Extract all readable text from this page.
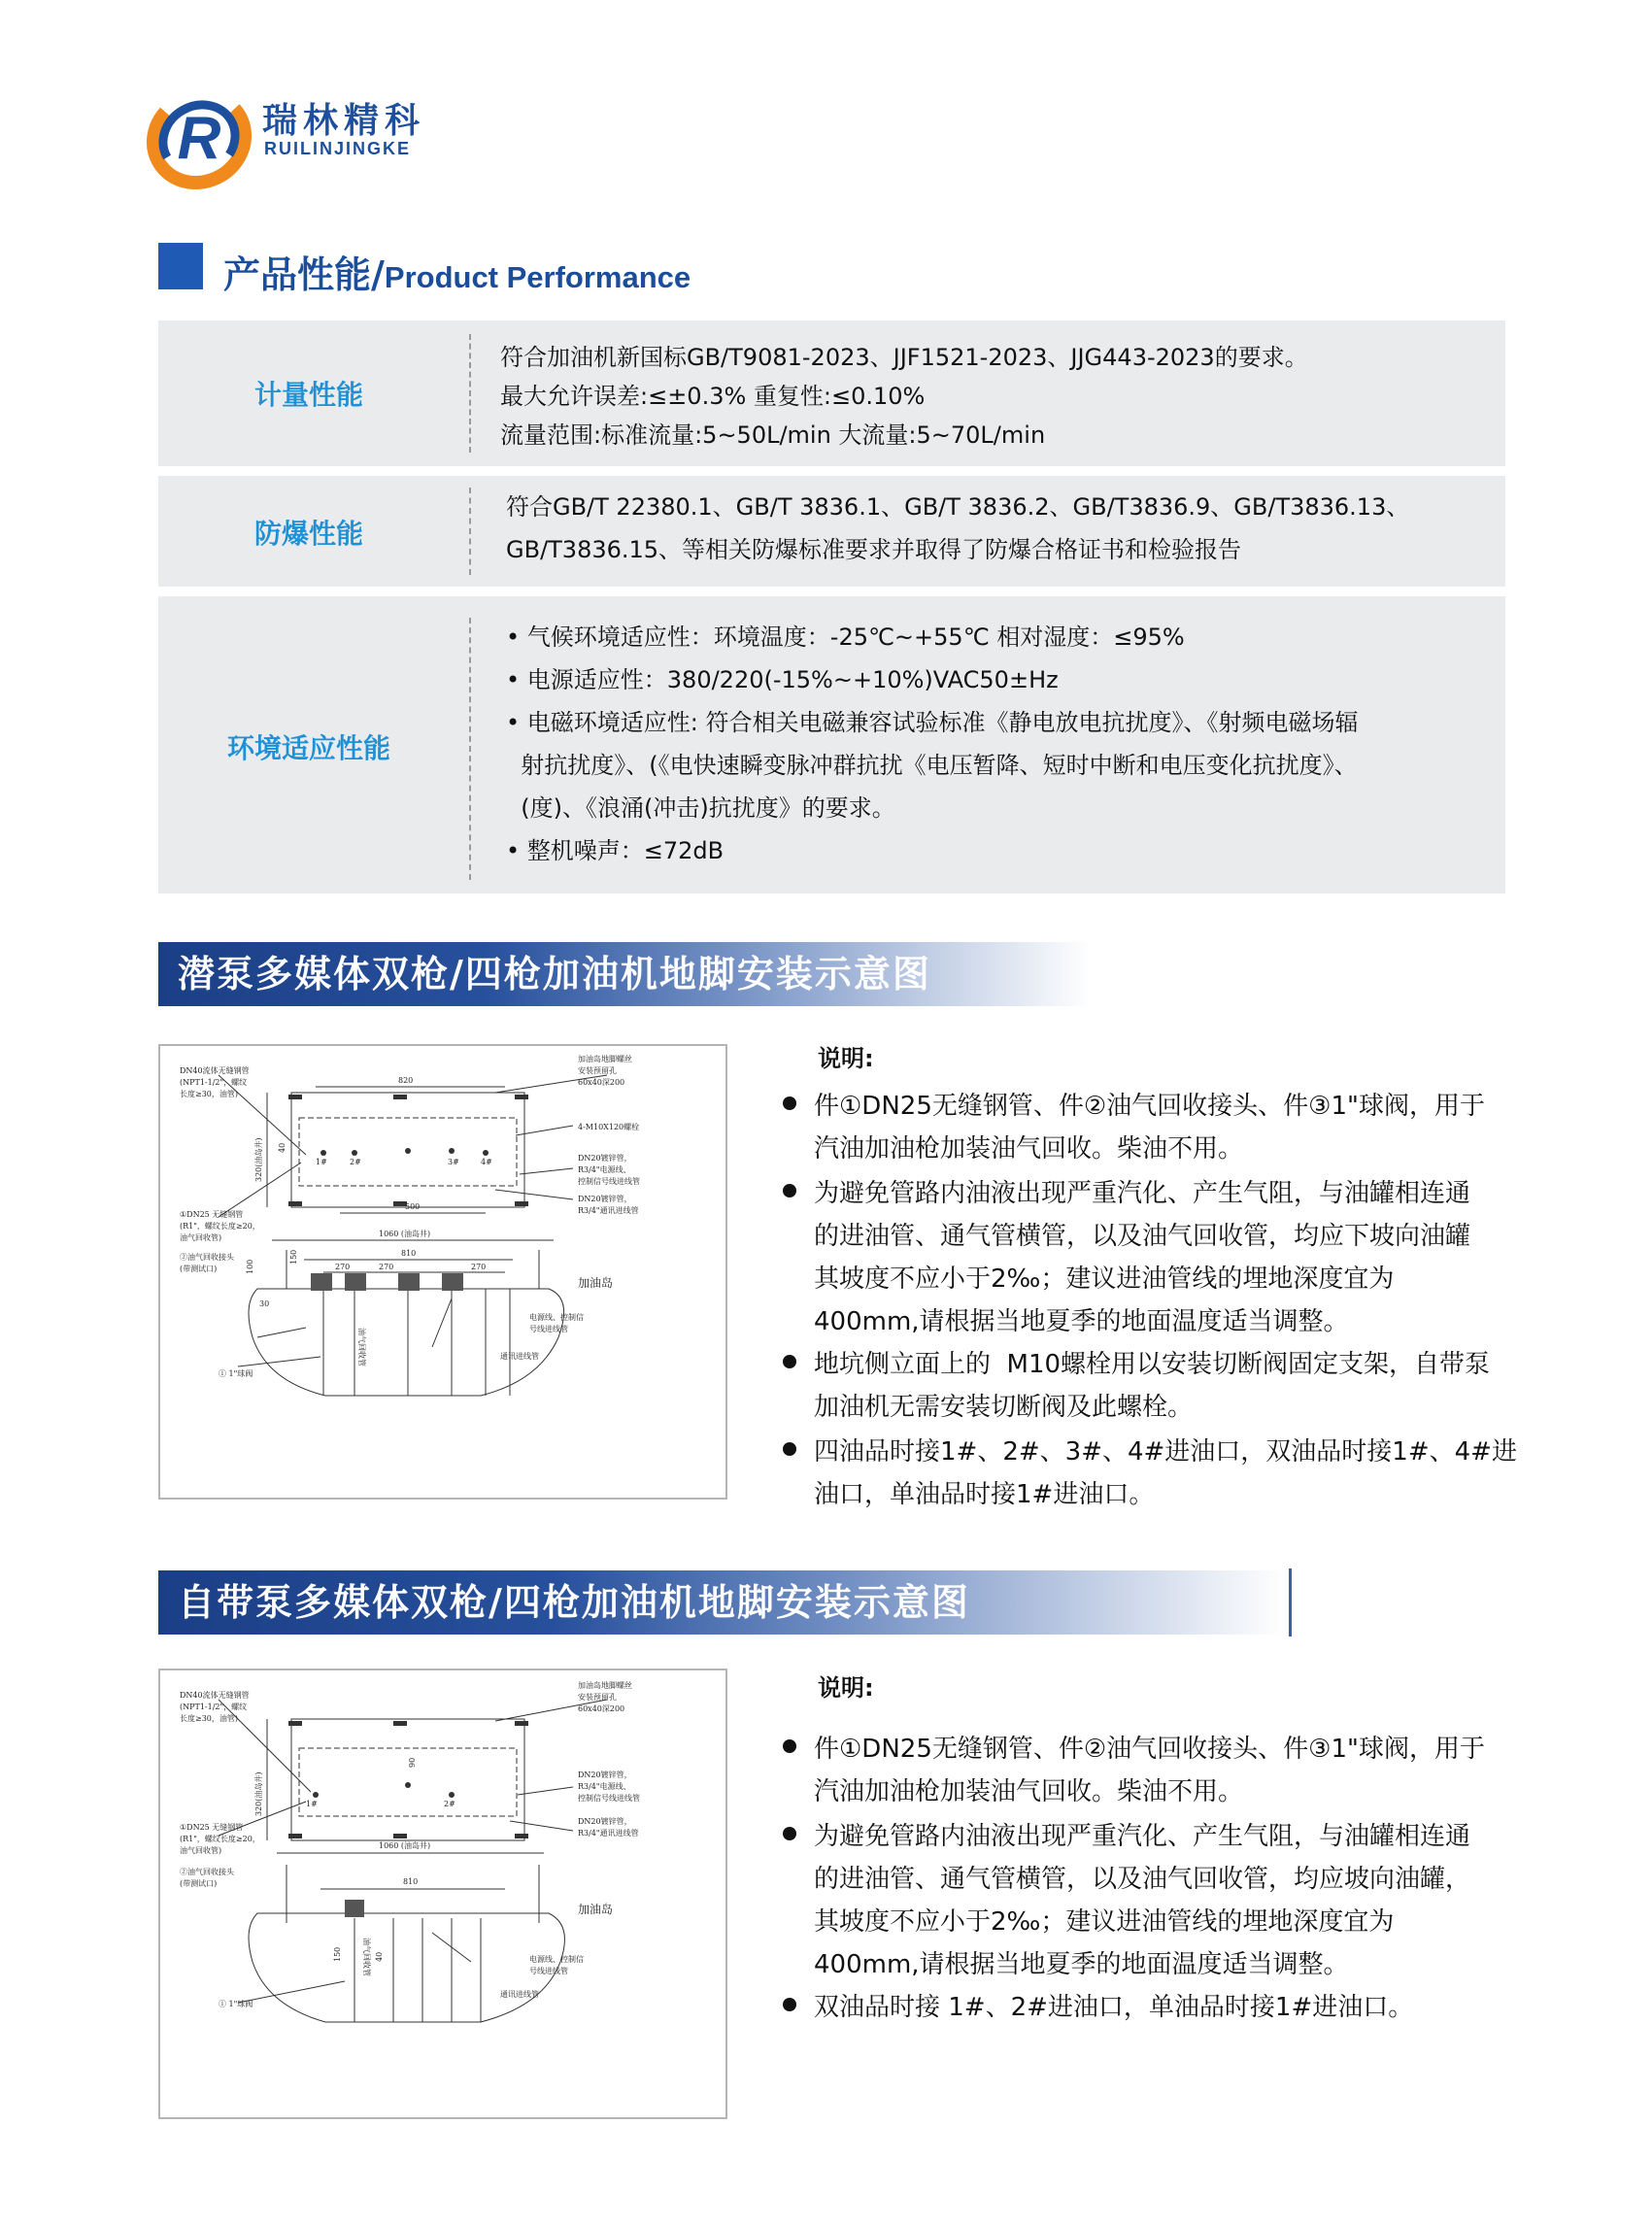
R 瑞林精科
RUILINJINGKE
产品性能/Product Performance
计量性能
符合加油机新国标GB/T9081-2023、JJF1521-2023、JJG443-2023的要求。
最大允许误差:≤±0.3% 重复性:≤0.10%
流量范围:标准流量:5~50L/min 大流量:5~70L/min
防爆性能
符合GB/T 22380.1、GB/T 3836.1、GB/T 3836.2、GB/T3836.9、GB/T3836.13、
GB/T3836.15、等相关防爆标准要求并取得了防爆合格证书和检验报告
环境适应性能
• 气候环境适应性：环境温度：-25℃~+55℃ 相对湿度：≤95%
• 电源适应性：380/220(-15%~+10%)VAC50±Hz
• 电磁环境适应性: 符合相关电磁兼容试验标准《静电放电抗扰度》、《射频电磁场辐
射抗扰度》、(《电快速瞬变脉冲群抗扰《电压暂降、短时中断和电压变化抗扰度》、
(度)、《浪涌(冲击)抗扰度》的要求。
• 整机噪声：≤72dB
潜泵多媒体双枪/四枪加油机地脚安装示意图
DN40流体无缝钢管
(NPT1-1/2"，螺纹
长度≥30，油管)
加油岛地脚螺丝
安装预留孔
60x40深200
4-M10X120螺栓
DN20镀锌管，
R3/4"电源线、
控制信号线进线管
DN20镀锌管，
R3/4"通讯进线管
①DN25 无缝钢管
(R1"，螺纹长度≥20，
油气回收管)
②油气回收接头
(带测试口)
① 1"球阀
加油岛
电源线、控制信
号线进线管
通讯进线管
820
500
1060 (油岛井)
810
270	270	270
320(油岛井) 40
100
150
30
1#	2#	3#	4#
油气回收管
说明:
件①DN25无缝钢管、件②油气回收接头、件③1"球阀，用于
汽油加油枪加装油气回收。柴油不用。
为避免管路内油液出现严重汽化、产生气阻，与油罐相连通
的进油管、通气管横管，以及油气回收管，均应下坡向油罐
其坡度不应小于2‰；建议进油管线的埋地深度宜为
400mm,请根据当地夏季的地面温度适当调整。
地坑侧立面上的  M10螺栓用以安装切断阀固定支架，自带泵
加油机无需安装切断阀及此螺栓。
四油品时接1#、2#、3#、4#进油口，双油品时接1#、4#进
油口，单油品时接1#进油口。
自带泵多媒体双枪/四枪加油机地脚安装示意图
DN40流体无缝钢管
(NPT1-1/2"，螺纹
长度≥30，油管)
加油岛地脚螺丝
安装预留孔
60x40深200
DN20镀锌管，
R3/4"电源线、
控制信号线进线管
DN20镀锌管，
R3/4"通讯进线管
①DN25 无缝钢管
(R1"，螺纹长度≥20，
油气回收管)
②油气回收接头
(带测试口)
① 1"球阀
加油岛
电源线、控制信
号线进线管
通讯进线管
1060 (油岛井)
810
320(油岛井)
90
150	40
1#	2#
油气回收管
说明:
件①DN25无缝钢管、件②油气回收接头、件③1"球阀，用于
汽油加油枪加装油气回收。柴油不用。
为避免管路内油液出现严重汽化、产生气阻，与油罐相连通
的进油管、通气管横管，以及油气回收管，均应坡向油罐，
其坡度不应小于2‰；建议进油管线的埋地深度宜为
400mm,请根据当地夏季的地面温度适当调整。
双油品时接 1#、2#进油口，单油品时接1#进油口。
